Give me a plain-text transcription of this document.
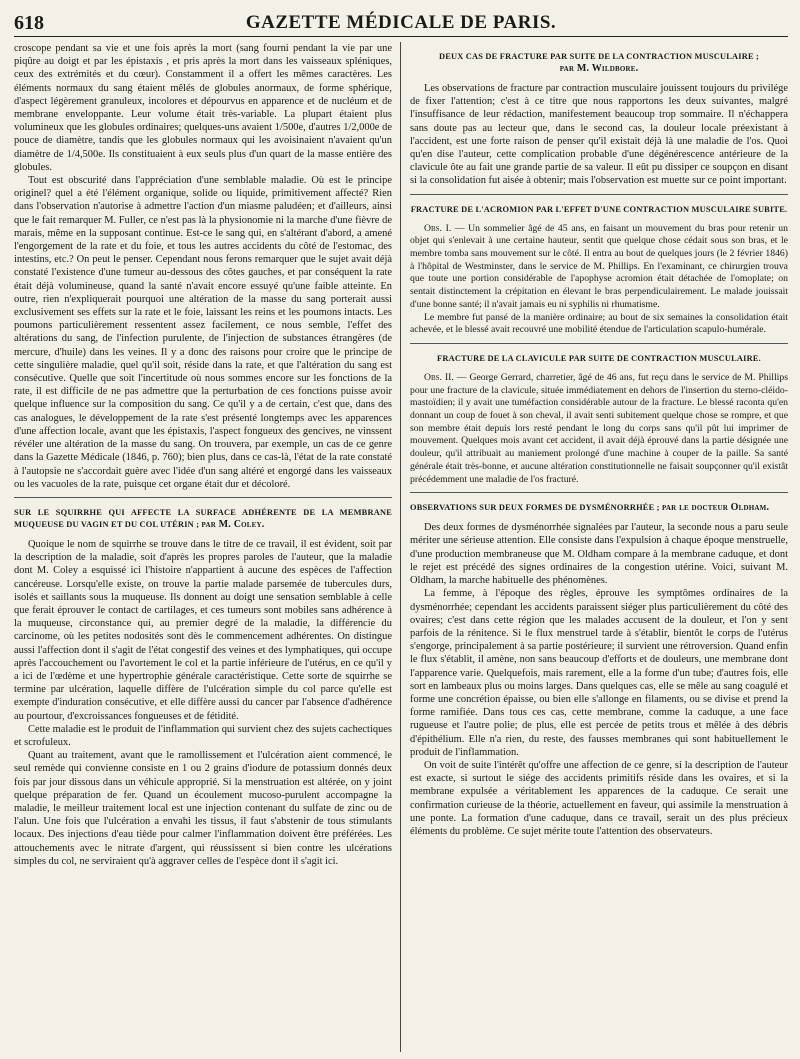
618	GAZETTE MÉDICALE DE PARIS.

croscope pendant sa vie et une fois après la mort (sang fourni pendant la vie par une piqûre au doigt et par les épistaxis , et pris après la mort dans les vaisseaux spléniques, ceux des extrémités et du cœur). Constamment il a offert les mêmes caractères. Les éléments normaux du sang étaient mêlés de globules anormaux, de forme sphérique, d'aspect légèrement granuleux, incolores et dépourvus en apparence et de nucléum et de membrane enveloppante. Leur volume était très-variable. La plupart étaient plus volumineux que les globules ordinaires; quelques-uns avaient 1/500e, d'autres 1/2,000e de pouce de diamètre, tandis que les globules normaux qui les avoisinaient n'avaient qu'un diamètre de 1/4,500e. Ils constituaient à eux seuls plus d'un quart de la masse entière des globules.

Tout est obscurité dans l'appréciation d'une semblable maladie. Où est le principe originel? quel a été l'élément organique, solide ou liquide, primitivement affecté? Rien dans l'observation n'autorise à admettre l'action d'un miasme paludéen; et d'ailleurs, ainsi que le fait remarquer M. Fuller, ce n'est pas là la physionomie ni la marche d'une fièvre de marais, même en la supposant continue. Est-ce le sang qui, en s'altérant d'abord, a amené l'engorgement de la rate et du foie, et tous les autres accidents du côté de l'estomac, des intestins, etc.? On peut le penser. Cependant nous ferons remarquer que le sujet avait déjà constaté l'existence d'une tumeur au-dessous des côtes gauches, et par conséquent la rate était déjà volumineuse, quand la santé n'avait encore essuyé qu'une faible atteinte. En outre, rien n'expliquerait pourquoi une altération de la masse du sang porterait aussi exclusivement ses effets sur la rate et le foie, laissant les reins et les poumons intacts. Les poumons particulièrement ressentent assez facilement, ce nous semble, l'effet des altérations du sang, de l'infection purulente, de l'injection de substances étrangères (de mercure, d'huile) dans les veines. Il y a donc des raisons pour croire que le principe de cette singulière maladie, quel qu'il soit, réside dans la rate, et que l'altération du sang est consécutive. Quelle que soit l'incertitude où nous sommes encore sur les fonctions de la rate, il est difficile de ne pas admettre que la perturbation de ces fonctions puisse avoir quelque influence sur la composition du sang. Ce qu'il y a de certain, c'est que, dans des cas analogues, le développement de la rate s'est présenté longtemps avec les apparences d'une affection locale, avant que les épistaxis, l'aspect fongueux des gencives, ne vinssent révéler une altération de la masse du sang. On trouvera, par exemple, un cas de ce genre dans la Gazette Médicale (1846, p. 760); bien plus, dans ce cas-là, l'état de la rate constaté à l'autopsie ne s'accordait guère avec l'idée d'un sang altéré et engorgé dans les vaisseaux ou les vacuoles de la rate, puisque cet organe était dur et décoloré.

SUR LE SQUIRRHE QUI AFFECTE LA SURFACE ADHÉRENTE DE LA MEMBRANE MUQUEUSE DU VAGIN ET DU COL UTÉRIN ; par M. Coley.

Quoique le nom de squirrhe se trouve dans le titre de ce travail, il est évident, soit par la description de la maladie, soit d'après les propres paroles de l'auteur, que la maladie dont M. Coley a esquissé ici l'histoire n'appartient à aucune des espèces de l'affection cancéreuse. Lorsqu'elle existe, on trouve la partie malade parsemée de tubercules durs, isolés et saillants sous la muqueuse. Ils donnent au doigt une sensation semblable à celle que ferait éprouver le contact de cartilages, et ces tumeurs sont mobiles sans adhérence à la muqueuse, circonstance qui, au premier degré de la maladie, la différencie du carcinome, où les petites nodosités sont dès le commencement adhérentes. On distingue aussi l'affection dont il s'agit de l'état congestif des veines et des lymphatiques, qui occupe après l'accouchement ou l'avortement le col et la partie inférieure de l'utérus, en ce qu'il y a ici de l'œdème et une hypertrophie générale caractéristique. Cette sorte de squirrhe se termine par ulcération, laquelle diffère de l'ulcération simple du col parce qu'elle est exempte d'induration consécutive, et elle diffère aussi du cancer par l'absence d'adhérence au pourtour, d'excroissances fongueuses et de fétidité.

Cette maladie est le produit de l'inflammation qui survient chez des sujets cachectiques et scrofuleux.

Quant au traitement, avant que le ramollissement et l'ulcération aient commencé, le seul remède qui convienne consiste en 1 ou 2 grains d'iodure de potassium donnés deux fois par jour dissous dans un véhicule approprié. Si la menstruation est altérée, on y joint quelque préparation de fer. Quand un écoulement mucoso-purulent accompagne la maladie, le meilleur traitement local est une injection contenant du sulfate de zinc ou de l'alun. Une fois que l'ulcération a envahi les tissus, il faut s'abstenir de tous stimulants locaux. Des injections d'eau tiède pour calmer l'inflammation doivent être préférées. Les attouchements avec le nitrate d'argent, qui réussissent si bien contre les ulcérations simples du col, ne serviraient qu'à aggraver celles de l'espèce dont il s'agit ici.

DEUX CAS DE FRACTURE PAR SUITE DE LA CONTRACTION MUSCULAIRE ;
par M. Wildbore.

Les observations de fracture par contraction musculaire jouissent toujours du privilége de fixer l'attention; c'est à ce titre que nous rapportons les deux suivantes, malgré l'insuffisance de leur rédaction, manifestement beaucoup trop sommaire. Il n'échappera sans doute pas au lecteur que, dans le second cas, la douleur locale préexistant à l'accident, est une forte raison de penser qu'il existait déjà là une maladie de l'os. Quoi qu'en dise l'auteur, cette complication probable d'une dégénérescence antérieure de la clavicule ôte au fait une grande partie de sa valeur. Il eût pu dissiper ce soupçon en disant si la consolidation fut aisée à obtenir; mais l'observation est muette sur ce point important.

FRACTURE DE L'ACROMION PAR L'EFFET D'UNE CONTRACTION MUSCULAIRE SUBITE.

Obs. I. — Un sommelier âgé de 45 ans, en faisant un mouvement du bras pour retenir un objet qui s'enlevait à une certaine hauteur, sentit que quelque chose cédait sous son bras, et le membre tomba sans mouvement sur le côté. Il entra au bout de quelques jours (le 2 février 1846) à l'hôpital de Westminster, dans le service de M. Phillips. En l'examinant, ce chirurgien trouva que toute une portion considérable de l'apophyse acromion était détachée de l'omoplate; on sentait distinctement la crépitation en élevant le bras perpendiculairement. Le malade jouissait d'une bonne santé; il n'avait jamais eu ni syphilis ni rhumatisme.

Le membre fut pansé de la manière ordinaire; au bout de six semaines la consolidation était achevée, et le blessé avait recouvré une mobilité étendue de l'articulation scapulo-humérale.

FRACTURE DE LA CLAVICULE PAR SUITE DE CONTRACTION MUSCULAIRE.

Obs. II. — George Gerrard, charretier, âgé de 46 ans, fut reçu dans le service de M. Phillips pour une fracture de la clavicule, située immédiatement en dehors de l'insertion du sterno-cléido-mastoïdien; il y avait une tuméfaction considérable autour de la fracture. Le blessé raconta qu'en donnant un coup de fouet à son cheval, il avait senti subitement quelque chose se rompre, et que son membre était depuis lors resté pendant le long du corps sans qu'il pût lui imprimer de mouvement. Quelques mois avant cet accident, il avait déjà éprouvé dans la partie désignée une douleur, qu'il attribuait au maniement prolongé d'une machine à couper de la paille. Sa santé générale était très-bonne, et aucune altération constitutionnelle ne faisait soupçonner qu'il existât précédemment une maladie de l'os fracturé.

OBSERVATIONS SUR DEUX FORMES DE DYSMÉNORRHÉE ; par le docteur Oldham.

Des deux formes de dysménorrhée signalées par l'auteur, la seconde nous a paru seule mériter une sérieuse attention. Elle consiste dans l'expulsion à chaque époque menstruelle, d'une production membraneuse que M. Oldham compare à la membrane caduque, et dont le rejet est précédé des signes ordinaires de la congestion utérine. Voici, suivant M. Oldham, la marche habituelle des phénomènes.

La femme, à l'époque des règles, éprouve les symptômes ordinaires de la dysménorrhée; cependant les accidents paraissent siéger plus particulièrement du côté des ovaires; c'est dans cette région que les malades accusent de la douleur, et l'on y sent parfois de la rénitence. Si le flux menstruel tarde à s'établir, bientôt le corps de l'utérus s'engorge, principalement à sa partie postérieure; il survient une rétroversion. Quand enfin le flux s'établit, il amène, non sans beaucoup d'efforts et de douleurs, une membrane dont l'apparence varie. Quelquefois, mais rarement, elle a la forme d'un tube; d'autres fois, elle sort en lambeaux plus ou moins larges. Dans quelques cas, elle se mêle au sang coagulé et forme une concrétion épaisse, ou bien elle s'allonge en filaments, ou se divise et prend la forme ramifiée. Dans tous ces cas, cette membrane, comme la caduque, a une face rugueuse et l'autre polie; de plus, elle est percée de petits trous et mêlée à des débris d'épithélium. Elle n'a rien, du reste, des fausses membranes qui sont habituellement le produit de l'inflammation.

On voit de suite l'intérêt qu'offre une affection de ce genre, si la description de l'auteur est exacte, si surtout le siége des accidents primitifs réside dans les ovaires, et si la membrane expulsée a véritablement les apparences de la caduque. Ce serait une confirmation curieuse de la théorie, actuellement en faveur, qui assimile la menstruation à une ponte. La formation d'une caduque, dans ce travail, serait un des plus précieux éléments du problème. Ce sujet mérite toute l'attention des observateurs.
